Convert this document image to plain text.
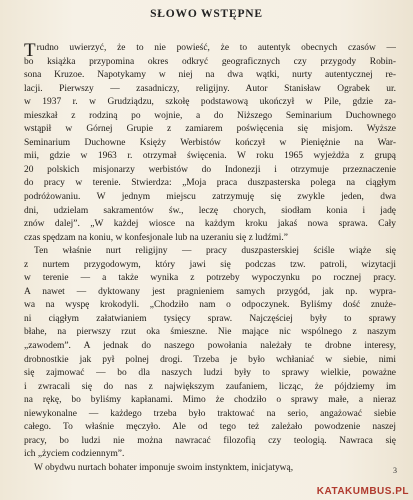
SŁOWO WSTĘPNE
Trudno uwierzyć, że to nie powieść, że to autentyk obecnych czasów —
bo książka przypomina okres odkryć geograficznych czy przygody Robin-
sona Kruzoe. Napotykamy w niej na dwa wątki, nurty autentycznej re-
lacji. Pierwszy — zasadniczy, religijny. Autor Stanisław Ograbek ur.
w 1937 r. w Grudziądzu, szkołę podstawową ukończył w Pile, gdzie za-
mieszkał z rodziną po wojnie, a do Niższego Seminarium Duchownego
wstąpił w Górnej Grupie z zamiarem poświęcenia się misjom. Wyższe
Seminarium Duchowne Księży Werbistów kończył w Pieniężnie na War-
mii, gdzie w 1963 r. otrzymał święcenia. W roku 1965 wyjeżdża z grupą
20 polskich misjonarzy werbistów do Indonezji i otrzymuje przeznaczenie
do pracy w terenie. Stwierdza: „Moja praca duszpasterska polega na ciągłym
podróżowaniu. W jednym miejscu zatrzymuję się zwykle jeden, dwa
dni, udzielam sakramentów św., leczę chorych, siodłam konia i jadę
znów dalej”. „W każdej wiosce na każdym kroku jakaś nowa sprawa. Cały
czas spędzam na koniu, w konfesjonale lub na uzeraniu się z ludźmi.”
Ten właśnie nurt religijny — pracy duszpasterskiej ściśle wiąże się
z nurtem przygodowym, który jawi się podczas tzw. patroli, wizytacji
w terenie — a także wynika z potrzeby wypoczynku po rocznej pracy.
A nawet — dyktowany jest pragnieniem samych przygód, jak np. wypra-
wa na wyspę krokodyli. „Chodziło nam o odpoczynek. Byliśmy dość znuże-
ni ciągłym załatwianiem tysięcy spraw. Najczęściej były to sprawy
błahe, na pierwszy rzut oka śmieszne. Nie mające nic wspólnego z naszym
„zawodem”. A jednak do naszego powołania należały te drobne interesy,
drobnostkie jak pył polnej drogi. Trzeba je było wchłaniać w siebie, nimi
się zajmować — bo dla naszych ludzi były to sprawy wielkie, poważne
i zwracali się do nas z największym zaufaniem, licząc, że pójdziemy im
na rękę, bo byliśmy kapłanami. Mimo że chodziło o sprawy małe, a nieraz
niewykonalne — każdego trzeba było traktować na serio, angażować siebie
całego. To właśnie męczyło. Ale od tego też zależało powodzenie naszej
pracy, bo ludzi nie można nawracać filozofią czy teologią. Nawraca się
ich „życiem codziennym”.
W obydwu nurtach bohater imponuje swoim instynktem, inicjatywą,	3
KATAKUMBUS.PL
